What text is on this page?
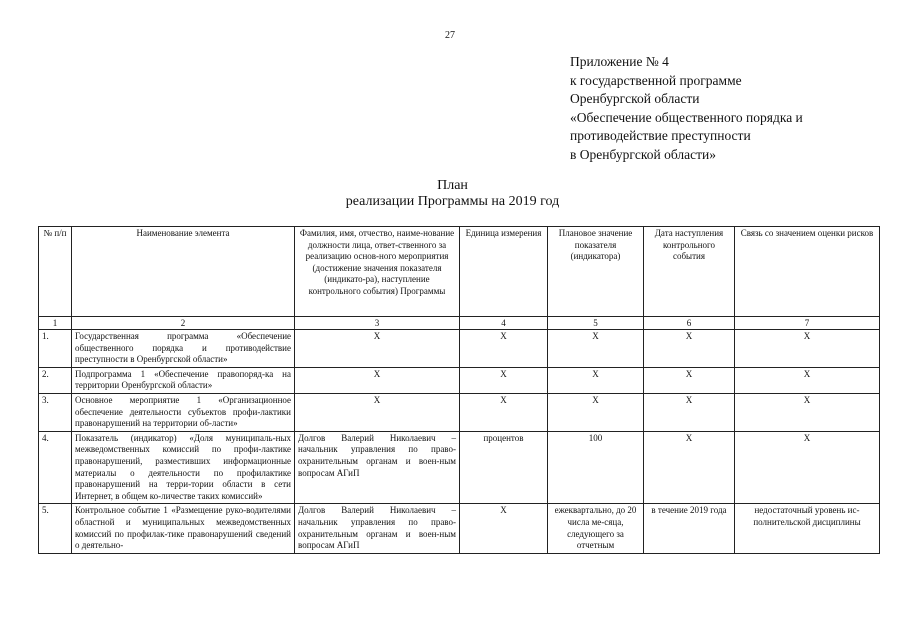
27
Приложение № 4
к государственной программе
Оренбургской области
«Обеспечение общественного порядка и
противодействие преступности
в Оренбургской области»
План
реализации Программы на 2019 год
№ п/п	Наименование элемента	Фамилия, имя, отчество, наиме-нование должности лица, ответ-ственного за реализацию основ-ного мероприятия (достижение значения показателя (индикато-ра), наступление контрольного события) Программы	Единица измерения	Плановое значение показателя (индикатора)	Дата наступления контрольного события	Связь со значением оценки рисков
1	2	3	4	5	6	7
1.	Государственная программа «Обеспечение общественного порядка и противодействие преступности в Оренбургской области»	Х	Х	Х	Х	Х
2.	Подпрограмма 1 «Обеспечение правопоряд-ка на территории Оренбургской области»	Х	Х	Х	Х	Х
3.	Основное мероприятие 1 «Организационное обеспечение деятельности субъектов профи-лактики правонарушений на территории об-ласти»	Х	Х	Х	Х	Х
4.	Показатель (индикатор) «Доля муниципаль-ных межведомственных комиссий по профи-лактике правонарушений, разместивших информационные материалы о деятельности по профилактике правонарушений на терри-тории области в сети Интернет, в общем ко-личестве таких комиссий»	Долгов Валерий Николаевич – начальник управления по право-охранительным органам и воен-ным вопросам АГиП	процентов	100	Х	Х
5.	Контрольное событие 1 «Размещение руко-водителями областной и муниципальных межведомственных комиссий по профилак-тике правонарушений сведений о деятельно-	Долгов Валерий Николаевич – начальник управления по право-охранительным органам и воен-ным вопросам АГиП	Х	ежеквартально, до 20 числа ме-сяца, следующего за отчетным	в течение 2019 года	недостаточный уровень ис-полнительской дисциплины
